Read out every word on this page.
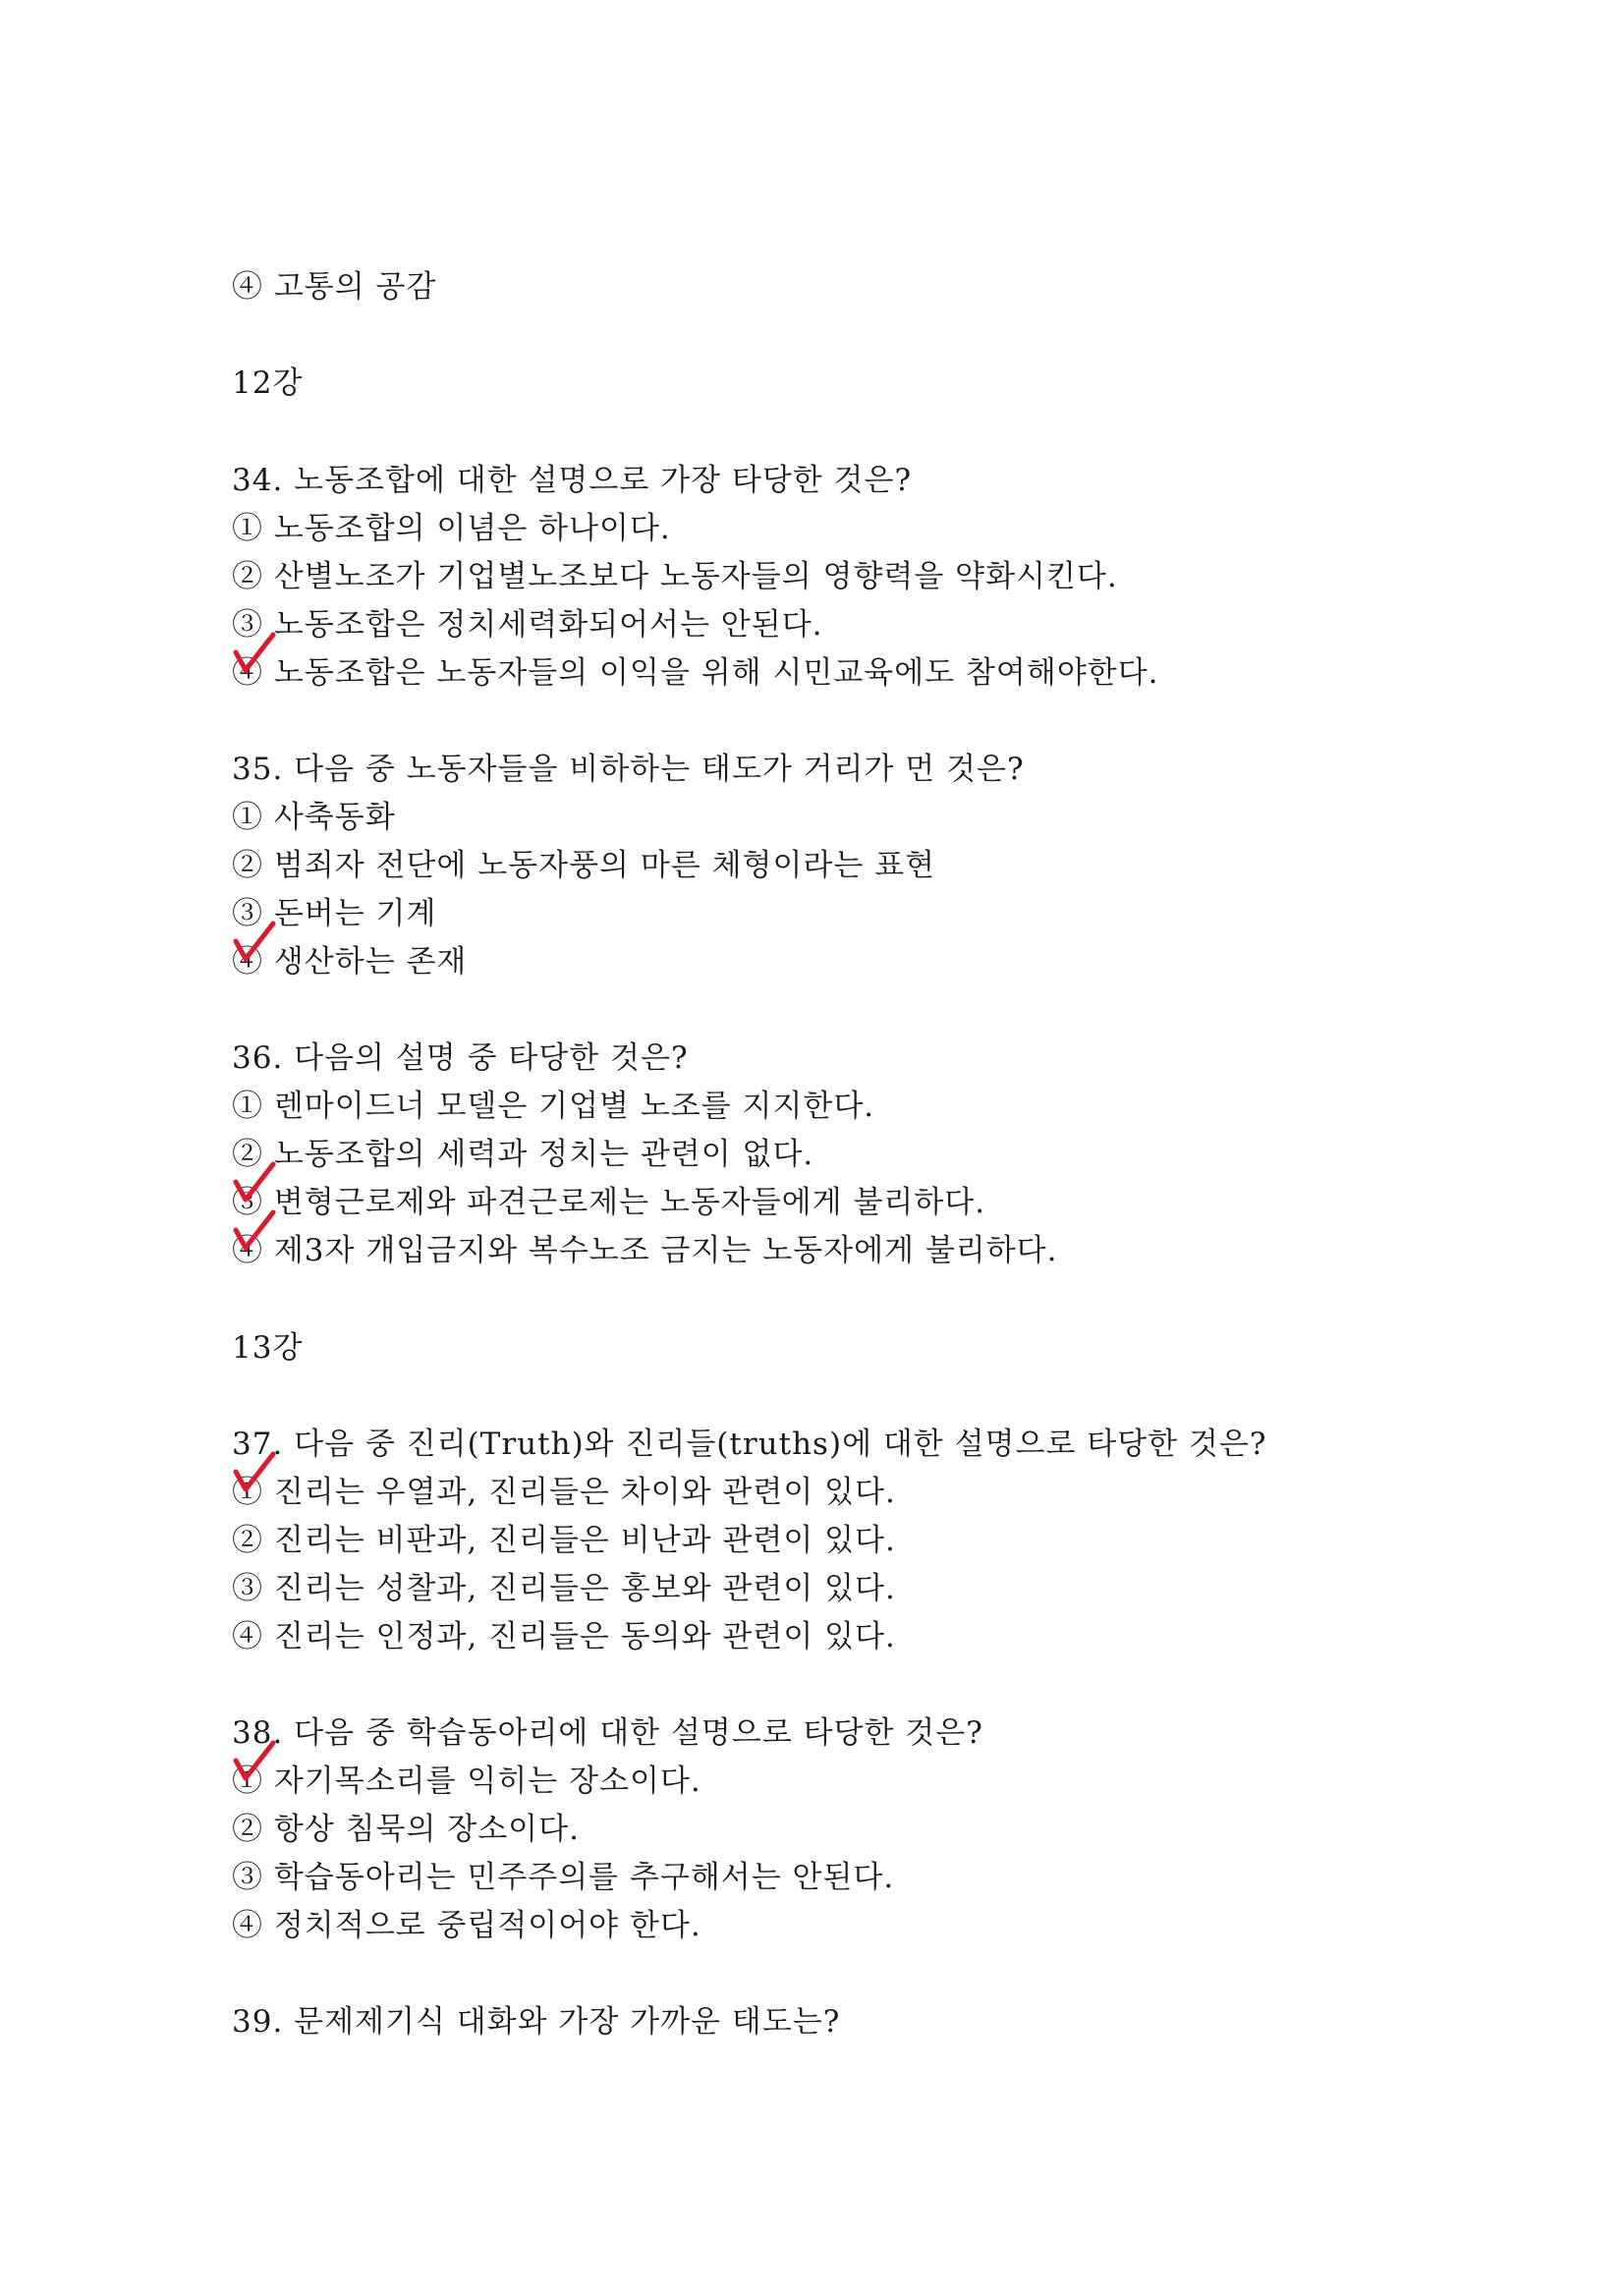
④ 고통의 공감
12강
34. 노동조합에 대한 설명으로 가장 타당한 것은?
① 노동조합의 이념은 하나이다.
② 산별노조가 기업별노조보다 노동자들의 영향력을 약화시킨다.
③ 노동조합은 정치세력화되어서는 안된다.
④ 노동조합은 노동자들의 이익을 위해 시민교육에도 참여해야한다.
35. 다음 중 노동자들을 비하하는 태도가 거리가 먼 것은?
① 사축동화
② 범죄자 전단에 노동자풍의 마른 체형이라는 표현
③ 돈버는 기계
④ 생산하는 존재
36. 다음의 설명 중 타당한 것은?
① 렌마이드너 모델은 기업별 노조를 지지한다.
② 노동조합의 세력과 정치는 관련이 없다.
③ 변형근로제와 파견근로제는 노동자들에게 불리하다.
④ 제3자 개입금지와 복수노조 금지는 노동자에게 불리하다.
13강
37. 다음 중 진리(Truth)와 진리들(truths)에 대한 설명으로 타당한 것은?
① 진리는 우열과, 진리들은 차이와 관련이 있다.
② 진리는 비판과, 진리들은 비난과 관련이 있다.
③ 진리는 성찰과, 진리들은 홍보와 관련이 있다.
④ 진리는 인정과, 진리들은 동의와 관련이 있다.
38. 다음 중 학습동아리에 대한 설명으로 타당한 것은?
① 자기목소리를 익히는 장소이다.
② 항상 침묵의 장소이다.
③ 학습동아리는 민주주의를 추구해서는 안된다.
④ 정치적으로 중립적이어야 한다.
39. 문제제기식 대화와 가장 가까운 태도는?
